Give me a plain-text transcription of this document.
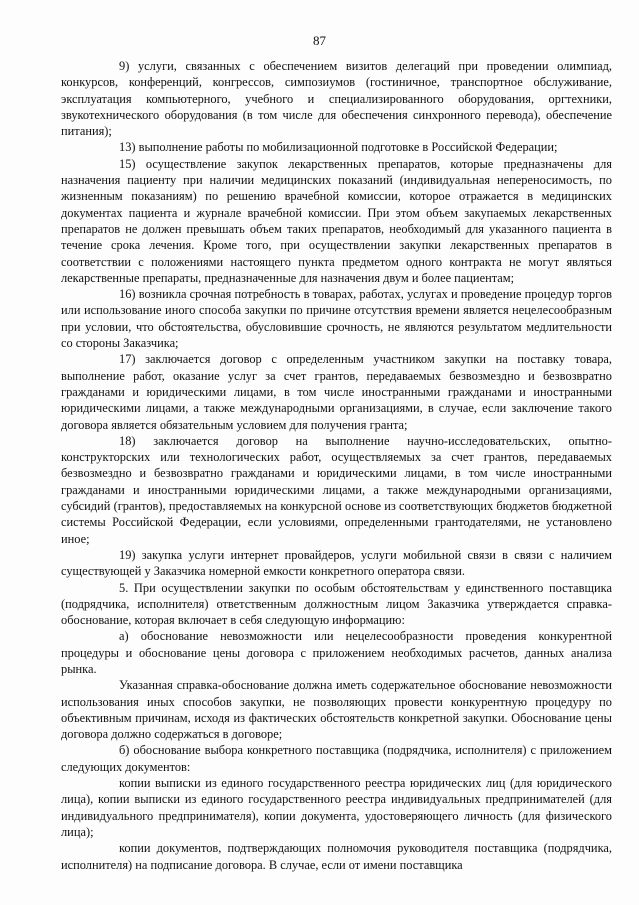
87

9) услуги, связанных с обеспечением визитов делегаций при проведении олимпиад, конкурсов, конференций, конгрессов, симпозиумов (гостиничное, транспортное обслуживание, эксплуатация компьютерного, учебного и специализированного оборудования, оргтехники, звукотехнического оборудования (в том числе для обеспечения синхронного перевода), обеспечение питания);

13) выполнение работы по мобилизационной подготовке в Российской Федерации;

15) осуществление закупок лекарственных препаратов, которые предназначены для назначения пациенту при наличии медицинских показаний (индивидуальная непереносимость, по жизненным показаниям) по решению врачебной комиссии, которое отражается в медицинских документах пациента и журнале врачебной комиссии. При этом объем закупаемых лекарственных препаратов не должен превышать объем таких препаратов, необходимый для указанного пациента в течение срока лечения. Кроме того, при осуществлении закупки лекарственных препаратов в соответствии с положениями настоящего пункта предметом одного контракта не могут являться лекарственные препараты, предназначенные для назначения двум и более пациентам;

16) возникла срочная потребность в товарах, работах, услугах и проведение процедур торгов или использование иного способа закупки по причине отсутствия времени является нецелесообразным при условии, что обстоятельства, обусловившие срочность, не являются результатом медлительности со стороны Заказчика;

17) заключается договор с определенным участником закупки на поставку товара, выполнение работ, оказание услуг за счет грантов, передаваемых безвозмездно и безвозвратно гражданами и юридическими лицами, в том числе иностранными гражданами и иностранными юридическими лицами, а также международными организациями, в случае, если заключение такого договора является обязательным условием для получения гранта;

18) заключается договор на выполнение научно-исследовательских, опытно-конструкторских или технологических работ, осуществляемых за счет грантов, передаваемых безвозмездно и безвозвратно гражданами и юридическими лицами, в том числе иностранными гражданами и иностранными юридическими лицами, а также международными организациями, субсидий (грантов), предоставляемых на конкурсной основе из соответствующих бюджетов бюджетной системы Российской Федерации, если условиями, определенными грантодателями, не установлено иное;

19) закупка услуги интернет провайдеров, услуги мобильной связи в связи с наличием существующей у Заказчика номерной емкости конкретного оператора связи.

5. При осуществлении закупки по особым обстоятельствам у единственного поставщика (подрядчика, исполнителя) ответственным должностным лицом Заказчика утверждается справка-обоснование, которая включает в себя следующую информацию:

а) обоснование невозможности или нецелесообразности проведения конкурентной процедуры и обоснование цены договора с приложением необходимых расчетов, данных анализа рынка.

Указанная справка-обоснование должна иметь содержательное обоснование невозможности использования иных способов закупки, не позволяющих провести конкурентную процедуру по объективным причинам, исходя из фактических обстоятельств конкретной закупки. Обоснование цены договора должно содержаться в договоре;

б) обоснование выбора конкретного поставщика (подрядчика, исполнителя) с приложением следующих документов:

копии выписки из единого государственного реестра юридических лиц (для юридического лица), копии выписки из единого государственного реестра индивидуальных предпринимателей (для индивидуального предпринимателя), копии документа, удостоверяющего личность (для физического лица);

копии документов, подтверждающих полномочия руководителя поставщика (подрядчика, исполнителя) на подписание договора. В случае, если от имени поставщика
